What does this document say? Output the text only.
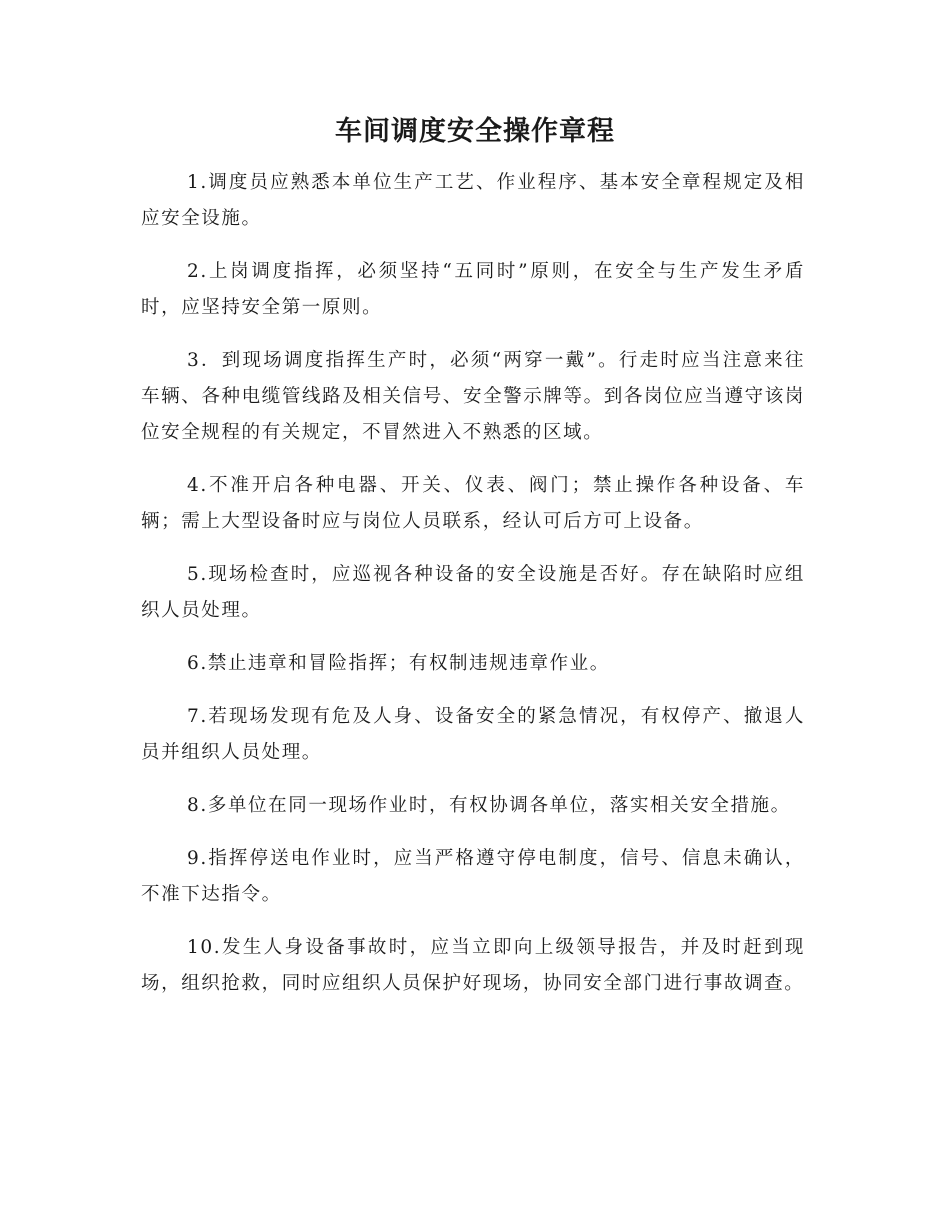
车间调度安全操作章程

1.调度员应熟悉本单位生产工艺、作业程序、基本安全章程规定及相应安全设施。

2.上岗调度指挥，必须坚持“五同时”原则，在安全与生产发生矛盾时，应坚持安全第一原则。

3．到现场调度指挥生产时，必须“两穿一戴”。行走时应当注意来往车辆、各种电缆管线路及相关信号、安全警示牌等。到各岗位应当遵守该岗位安全规程的有关规定，不冒然进入不熟悉的区域。

4.不准开启各种电器、开关、仪表、阀门；禁止操作各种设备、车辆；需上大型设备时应与岗位人员联系，经认可后方可上设备。

5.现场检查时，应巡视各种设备的安全设施是否好。存在缺陷时应组织人员处理。

6.禁止违章和冒险指挥；有权制违规违章作业。

7.若现场发现有危及人身、设备安全的紧急情况，有权停产、撤退人员并组织人员处理。

8.多单位在同一现场作业时，有权协调各单位，落实相关安全措施。

9.指挥停送电作业时，应当严格遵守停电制度，信号、信息未确认，不准下达指令。

10.发生人身设备事故时，应当立即向上级领导报告，并及时赶到现场，组织抢救，同时应组织人员保护好现场，协同安全部门进行事故调查。
